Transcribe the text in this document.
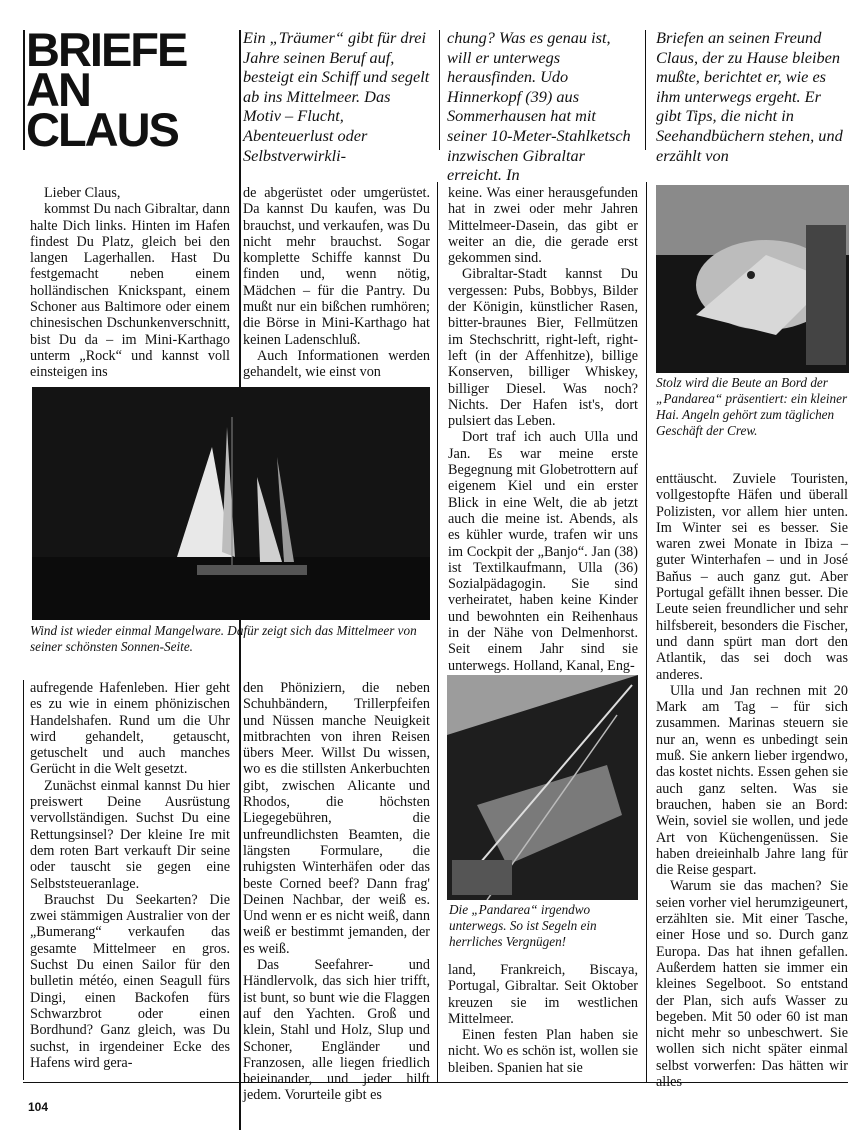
BRIEFE
AN
CLAUS
Ein „Träumer“ gibt für drei Jahre seinen Beruf auf, besteigt ein Schiff und segelt ab ins Mittelmeer. Das Motiv – Flucht, Abenteuerlust oder Selbstverwirkli-
chung? Was es genau ist, will er unterwegs herausfinden. Udo Hinnerkopf (39) aus Sommerhausen hat mit seiner 10-Meter-Stahlketsch inzwischen Gibraltar erreicht. In
Briefen an seinen Freund Claus, der zu Hause bleiben mußte, berichtet er, wie es ihm unterwegs ergeht. Er gibt Tips, die nicht in Seehandbüchern stehen, und erzählt von

Lieber Claus,

kommst Du nach Gibraltar, dann halte Dich links. Hinten im Hafen findest Du Platz, gleich bei den langen Lagerhallen. Hast Du festgemacht neben einem holländischen Knickspant, einem Schoner aus Baltimore oder einem chinesischen Dschunkenverschnitt, bist Du da – im Mini-Karthago unterm „Rock“ und kannst voll einsteigen ins

de abgerüstet oder umgerüstet. Da kannst Du kaufen, was Du brauchst, und verkaufen, was Du nicht mehr brauchst. Sogar komplette Schiffe kannst Du finden und, wenn nötig, Mädchen – für die Pantry. Du mußt nur ein bißchen rumhören; die Börse in Mini-Karthago hat keinen Ladenschluß.

Auch Informationen werden gehandelt, wie einst von

Wind ist wieder einmal Mangelware. Dafür zeigt sich das Mittelmeer von seiner schönsten Sonnen-Seite.

aufregende Hafenleben. Hier geht es zu wie in einem phönizischen Handelshafen. Rund um die Uhr wird gehandelt, getauscht, getuschelt und auch manches Gerücht in die Welt gesetzt.

Zunächst einmal kannst Du hier preiswert Deine Ausrüstung vervollständigen. Suchst Du eine Rettungsinsel? Der kleine Ire mit dem roten Bart verkauft Dir seine oder tauscht sie gegen eine Selbststeueranlage.

Brauchst Du Seekarten? Die zwei stämmigen Australier von der „Bumerang“ verkaufen das gesamte Mittelmeer en gros. Suchst Du einen Sailor für den bulletin météo, einen Seagull fürs Dingi, einen Backofen fürs Schwarzbrot oder einen Bordhund? Ganz gleich, was Du suchst, in irgendeiner Ecke des Hafens wird gera-

den Phöniziern, die neben Schuhbändern, Trillerpfeifen und Nüssen manche Neuigkeit mitbrachten von ihren Reisen übers Meer. Willst Du wissen, wo es die stillsten Ankerbuchten gibt, zwischen Alicante und Rhodos, die höchsten Liegegebühren, die unfreundlichsten Beamten, die längsten Formulare, die ruhigsten Winterhäfen oder das beste Corned beef? Dann frag' Deinen Nachbar, der weiß es. Und wenn er es nicht weiß, dann weiß er bestimmt jemanden, der es weiß.

Das Seefahrer- und Händlervolk, das sich hier trifft, ist bunt, so bunt wie die Flaggen auf den Yachten. Groß und klein, Stahl und Holz, Slup und Schoner, Engländer und Franzosen, alle liegen friedlich beieinander, und jeder hilft jedem. Vorurteile gibt es

keine. Was einer herausgefunden hat in zwei oder mehr Jahren Mittelmeer-Dasein, das gibt er weiter an die, die gerade erst gekommen sind.

Gibraltar-Stadt kannst Du vergessen: Pubs, Bobbys, Bilder der Königin, künstlicher Rasen, bitter-braunes Bier, Fellmützen im Stechschritt, right-left, right-left (in der Affenhitze), billige Konserven, billiger Whiskey, billiger Diesel. Was noch? Nichts. Der Hafen ist's, dort pulsiert das Leben.

Dort traf ich auch Ulla und Jan. Es war meine erste Begegnung mit Globetrottern auf eigenem Kiel und ein erster Blick in eine Welt, die ab jetzt auch die meine ist. Abends, als es kühler wurde, trafen wir uns im Cockpit der „Banjo“. Jan (38) ist Textilkaufmann, Ulla (36) Sozialpädagogin. Sie sind verheiratet, haben keine Kinder und bewohnten ein Reihenhaus in der Nähe von Delmenhorst. Seit einem Jahr sind sie unterwegs. Holland, Kanal, Eng-

Die „Pandarea“ irgendwo unterwegs. So ist Segeln ein herrliches Vergnügen!

land, Frankreich, Biscaya, Portugal, Gibraltar. Seit Oktober kreuzen sie im westlichen Mittelmeer.

Einen festen Plan haben sie nicht. Wo es schön ist, wollen sie bleiben. Spanien hat sie

Stolz wird die Beute an Bord der „Pandarea“ präsentiert: ein kleiner Hai. Angeln gehört zum täglichen Geschäft der Crew.

enttäuscht. Zuviele Touristen, vollgestopfte Häfen und überall Polizisten, vor allem hier unten. Im Winter sei es besser. Sie waren zwei Monate in Ibiza – guter Winterhafen – und in José Baňus – auch ganz gut. Aber Portugal gefällt ihnen besser. Die Leute seien freundlicher und sehr hilfsbereit, besonders die Fischer, und dann spürt man dort den Atlantik, das sei doch was anderes.

Ulla und Jan rechnen mit 20 Mark am Tag – für sich zusammen. Marinas steuern sie nur an, wenn es unbedingt sein muß. Sie ankern lieber irgendwo, das kostet nichts. Essen gehen sie auch ganz selten. Was sie brauchen, haben sie an Bord: Wein, soviel sie wollen, und jede Art von Küchengenüssen. Sie haben dreieinhalb Jahre lang für die Reise gespart.

Warum sie das machen? Sie seien vorher viel herumzigeunert, erzählten sie. Mit einer Tasche, einer Hose und so. Durch ganz Europa. Das hat ihnen gefallen. Außerdem hatten sie immer ein kleines Segelboot. So entstand der Plan, sich aufs Wasser zu begeben. Mit 50 oder 60 ist man nicht mehr so unbeschwert. Sie wollen sich nicht später einmal selbst vorwerfen: Das hätten wir alles

104
